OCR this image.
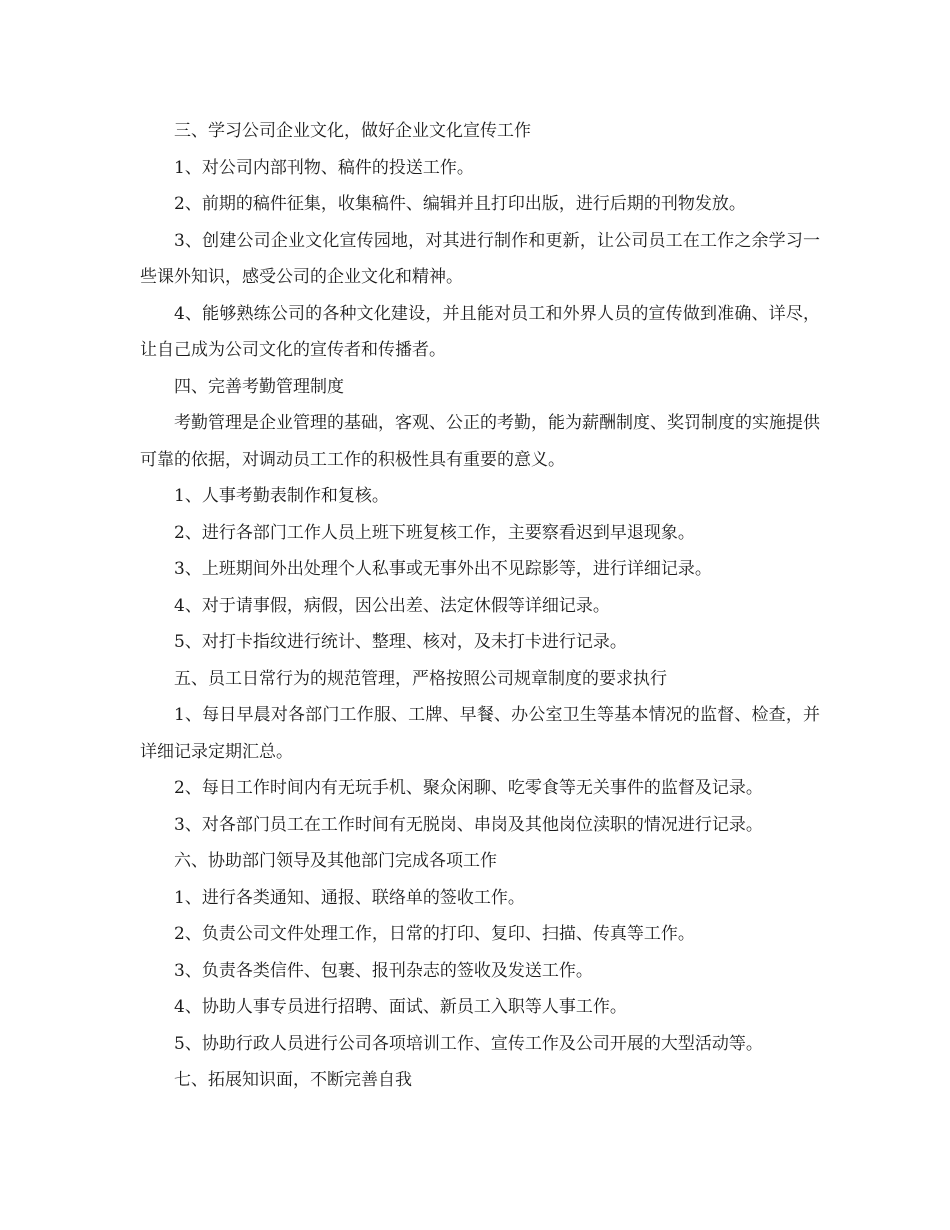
三、学习公司企业文化，做好企业文化宣传工作

1、对公司内部刊物、稿件的投送工作。

2、前期的稿件征集，收集稿件、编辑并且打印出版，进行后期的刊物发放。

3、创建公司企业文化宣传园地，对其进行制作和更新，让公司员工在工作之余学习一些课外知识，感受公司的企业文化和精神。

4、能够熟练公司的各种文化建设，并且能对员工和外界人员的宣传做到准确、详尽，让自己成为公司文化的宣传者和传播者。

四、完善考勤管理制度

考勤管理是企业管理的基础，客观、公正的考勤，能为薪酬制度、奖罚制度的实施提供可靠的依据，对调动员工工作的积极性具有重要的意义。

1、人事考勤表制作和复核。

2、进行各部门工作人员上班下班复核工作，主要察看迟到早退现象。

3、上班期间外出处理个人私事或无事外出不见踪影等，进行详细记录。

4、对于请事假，病假，因公出差、法定休假等详细记录。

5、对打卡指纹进行统计、整理、核对，及未打卡进行记录。

五、员工日常行为的规范管理，严格按照公司规章制度的要求执行

1、每日早晨对各部门工作服、工牌、早餐、办公室卫生等基本情况的监督、检查，并详细记录定期汇总。

2、每日工作时间内有无玩手机、聚众闲聊、吃零食等无关事件的监督及记录。

3、对各部门员工在工作时间有无脱岗、串岗及其他岗位渎职的情况进行记录。

六、协助部门领导及其他部门完成各项工作

1、进行各类通知、通报、联络单的签收工作。

2、负责公司文件处理工作，日常的打印、复印、扫描、传真等工作。

3、负责各类信件、包裹、报刊杂志的签收及发送工作。

4、协助人事专员进行招聘、面试、新员工入职等人事工作。

5、协助行政人员进行公司各项培训工作、宣传工作及公司开展的大型活动等。

七、拓展知识面，不断完善自我
